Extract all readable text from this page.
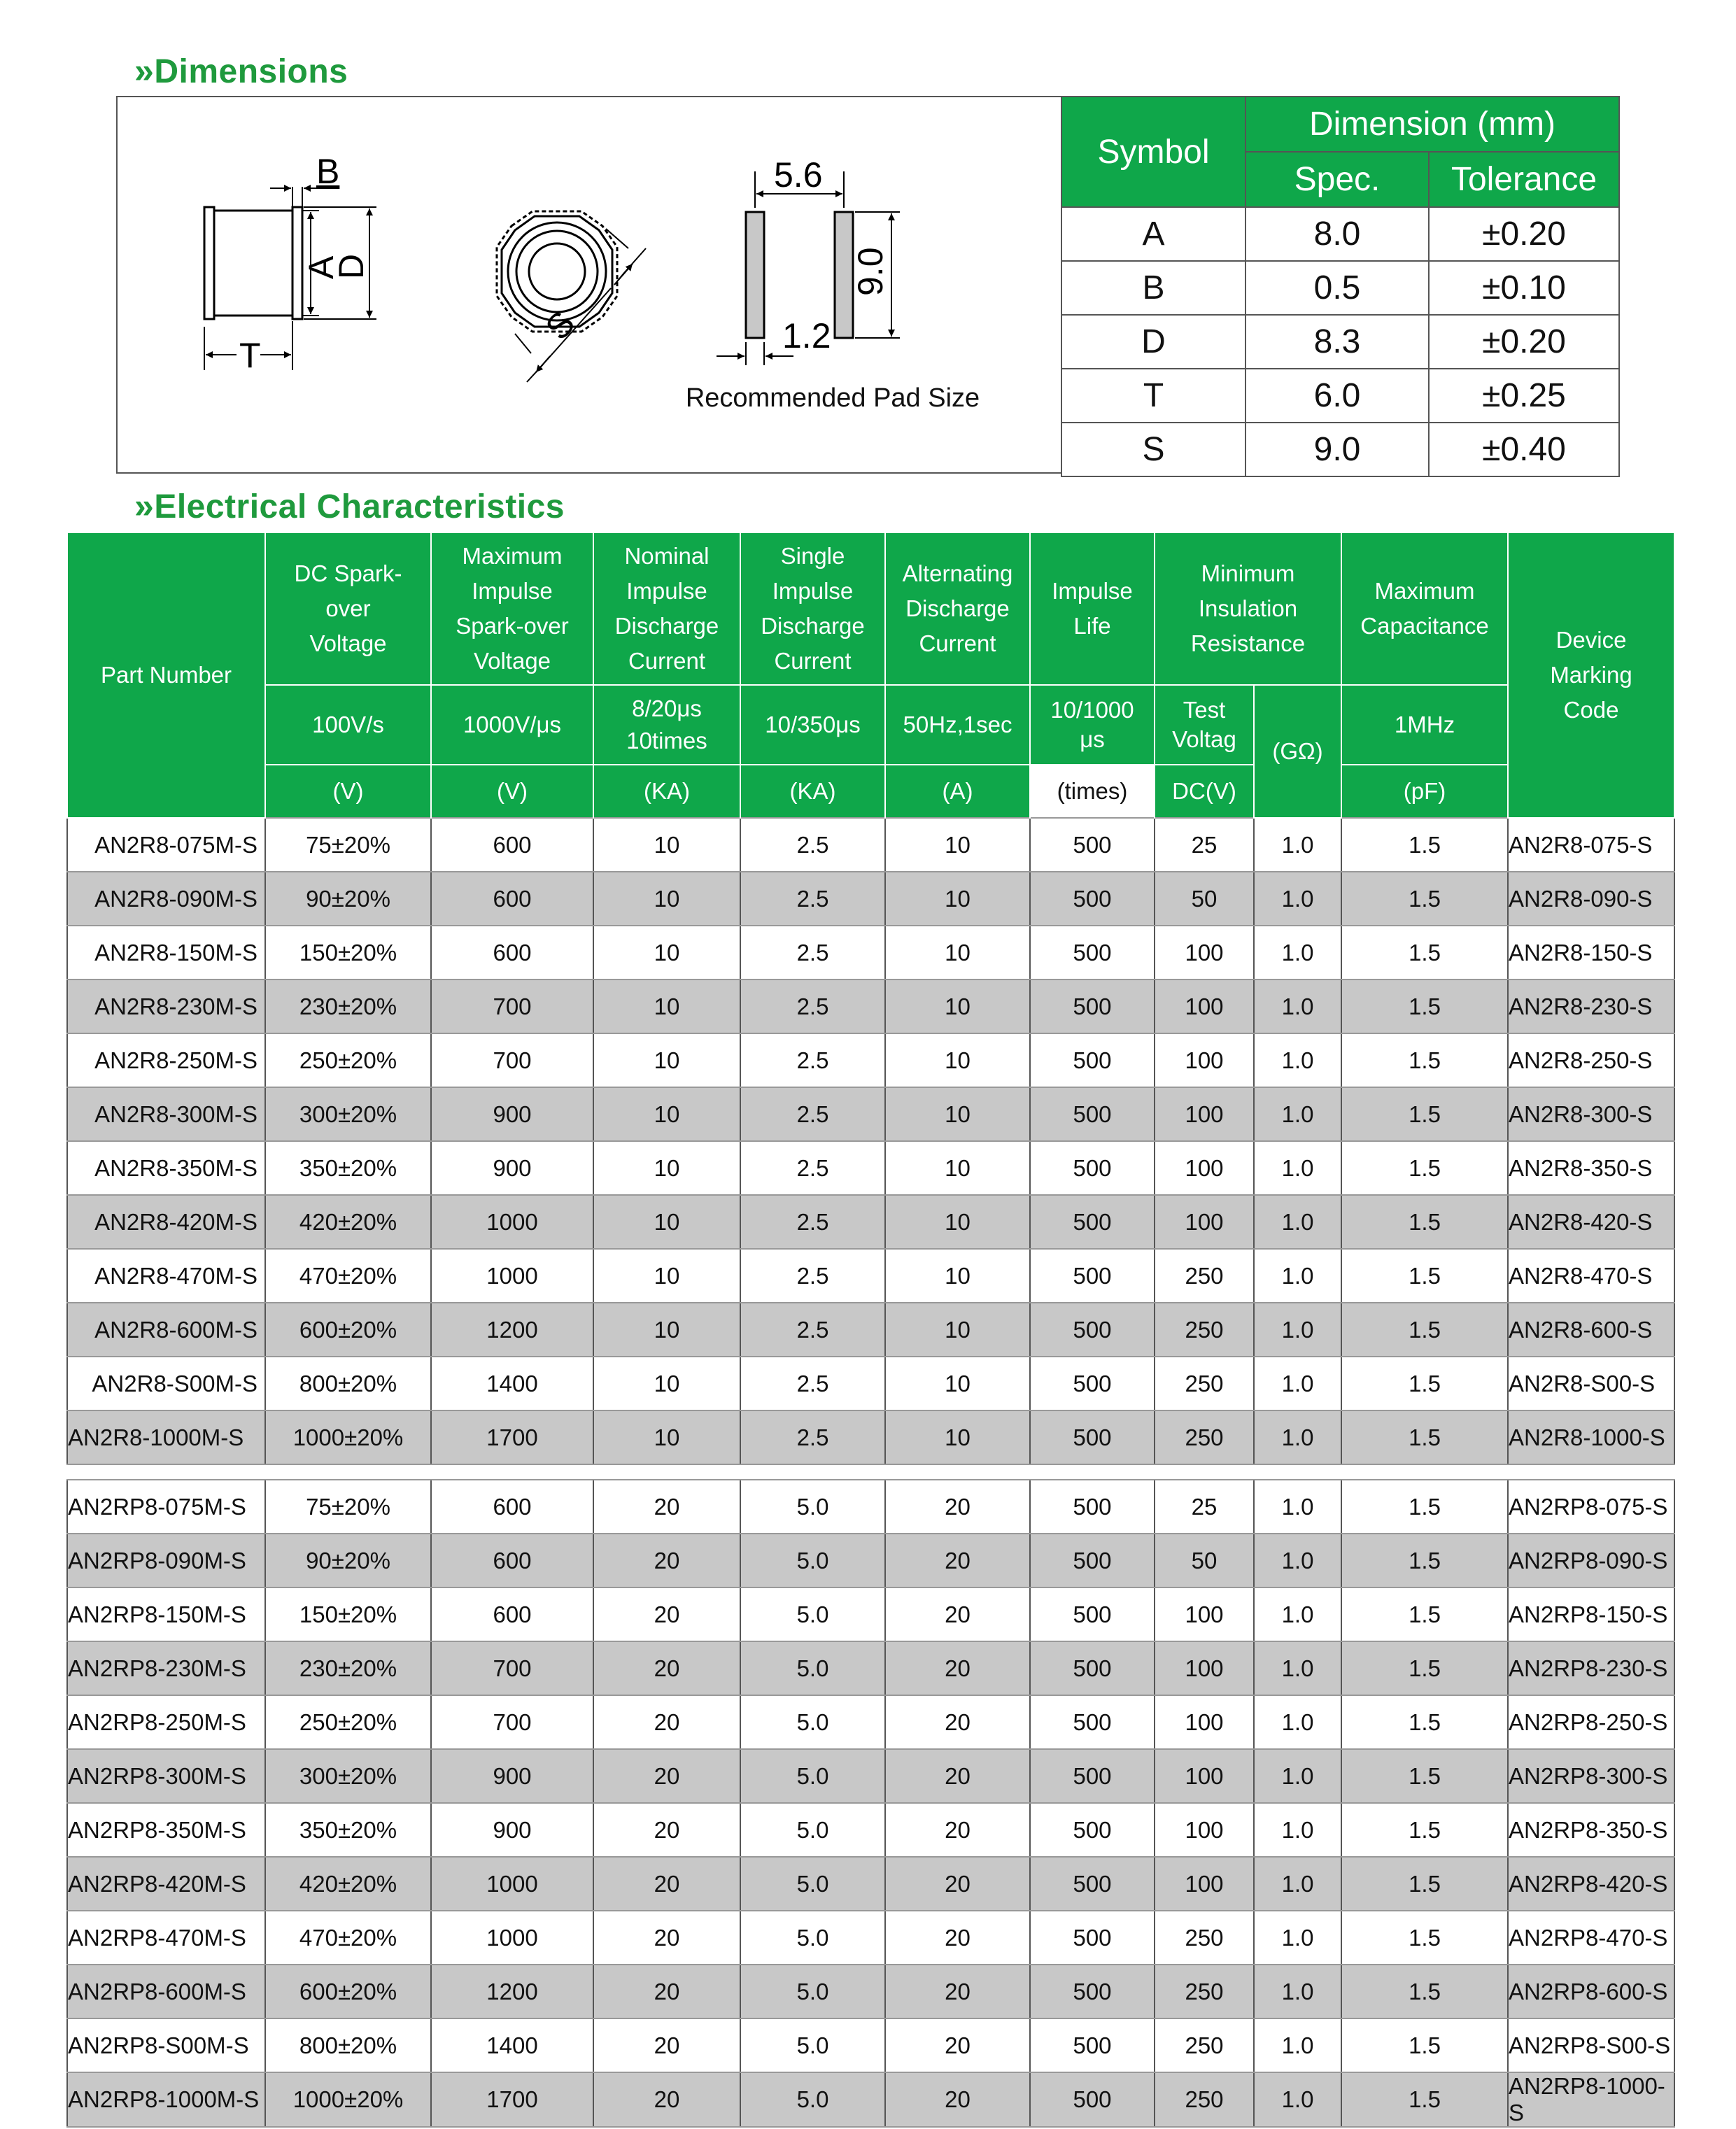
»Dimensions
B
A
D
T
S
5.6
9.0
1.2
Recommended Pad Size
Symbol	Dimension (mm)	
	Spec.	Tolerance
A	8.0	±0.20
B	0.5	±0.10
D	8.3	±0.20
T	6.0	±0.25
S	9.0	±0.40
»Electrical Characteristics
Part Number	DC Spark-over Voltage	Maximum Impulse Spark-over Voltage	Nominal Impulse Discharge Current	Single Impulse Discharge Current	Alternating Discharge Current	Impulse Life	Minimum Insulation Resistance		Maximum Capacitance	Device Marking Code
	100V/s	1000V/μs	8/20μs 10times	10/350μs	50Hz,1sec	10/1000 μs	Test Voltag	(GΩ)	1MHz	
	(V)	(V)	(KA)	(KA)	(A)	(times)	DC(V)		(pF)	
AN2R8-075M-S	75±20%	600	10	2.5	10	500	25	1.0	1.5	AN2R8-075-S
AN2R8-090M-S	90±20%	600	10	2.5	10	500	50	1.0	1.5	AN2R8-090-S
AN2R8-150M-S	150±20%	600	10	2.5	10	500	100	1.0	1.5	AN2R8-150-S
AN2R8-230M-S	230±20%	700	10	2.5	10	500	100	1.0	1.5	AN2R8-230-S
AN2R8-250M-S	250±20%	700	10	2.5	10	500	100	1.0	1.5	AN2R8-250-S
AN2R8-300M-S	300±20%	900	10	2.5	10	500	100	1.0	1.5	AN2R8-300-S
AN2R8-350M-S	350±20%	900	10	2.5	10	500	100	1.0	1.5	AN2R8-350-S
AN2R8-420M-S	420±20%	1000	10	2.5	10	500	100	1.0	1.5	AN2R8-420-S
AN2R8-470M-S	470±20%	1000	10	2.5	10	500	250	1.0	1.5	AN2R8-470-S
AN2R8-600M-S	600±20%	1200	10	2.5	10	500	250	1.0	1.5	AN2R8-600-S
AN2R8-S00M-S	800±20%	1400	10	2.5	10	500	250	1.0	1.5	AN2R8-S00-S
AN2R8-1000M-S	1000±20%	1700	10	2.5	10	500	250	1.0	1.5	AN2R8-1000-S

AN2RP8-075M-S	75±20%	600	20	5.0	20	500	25	1.0	1.5	AN2RP8-075-S
AN2RP8-090M-S	90±20%	600	20	5.0	20	500	50	1.0	1.5	AN2RP8-090-S
AN2RP8-150M-S	150±20%	600	20	5.0	20	500	100	1.0	1.5	AN2RP8-150-S
AN2RP8-230M-S	230±20%	700	20	5.0	20	500	100	1.0	1.5	AN2RP8-230-S
AN2RP8-250M-S	250±20%	700	20	5.0	20	500	100	1.0	1.5	AN2RP8-250-S
AN2RP8-300M-S	300±20%	900	20	5.0	20	500	100	1.0	1.5	AN2RP8-300-S
AN2RP8-350M-S	350±20%	900	20	5.0	20	500	100	1.0	1.5	AN2RP8-350-S
AN2RP8-420M-S	420±20%	1000	20	5.0	20	500	100	1.0	1.5	AN2RP8-420-S
AN2RP8-470M-S	470±20%	1000	20	5.0	20	500	250	1.0	1.5	AN2RP8-470-S
AN2RP8-600M-S	600±20%	1200	20	5.0	20	500	250	1.0	1.5	AN2RP8-600-S
AN2RP8-S00M-S	800±20%	1400	20	5.0	20	500	250	1.0	1.5	AN2RP8-S00-S
AN2RP8-1000M-S	1000±20%	1700	20	5.0	20	500	250	1.0	1.5	AN2RP8-1000-S
